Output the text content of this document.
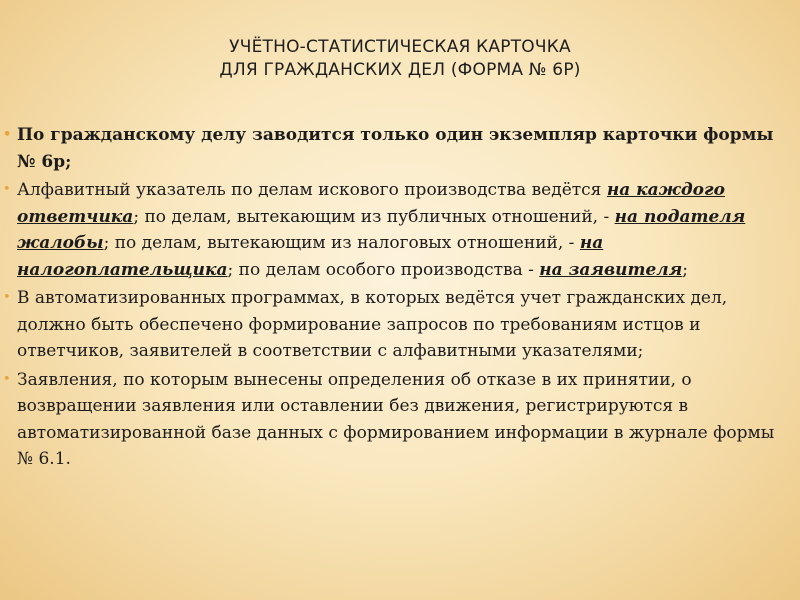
УЧЁТНО-СТАТИСТИЧЕСКАЯ КАРТОЧКА
ДЛЯ ГРАЖДАНСКИХ ДЕЛ (ФОРМА № 6Р)
• По гражданскому делу заводится только один экземпляр карточки формы № 6р;
• Алфавитный указатель по делам искового производства ведётся на каждого ответчика; по делам, вытекающим из публичных отношений, - на подателя жалобы; по делам, вытекающим из налоговых отношений, - на налогоплательщика; по делам особого производства - на заявителя;
• В автоматизированных программах, в которых ведётся учет гражданских дел, должно быть обеспечено формирование запросов по требованиям истцов и ответчиков, заявителей в соответствии с алфавитными указателями;
• Заявления, по которым вынесены определения об отказе в их принятии, о возвращении заявления или оставлении без движения, регистрируются в автоматизированной базе данных с формированием информации в журнале формы № 6.1.
